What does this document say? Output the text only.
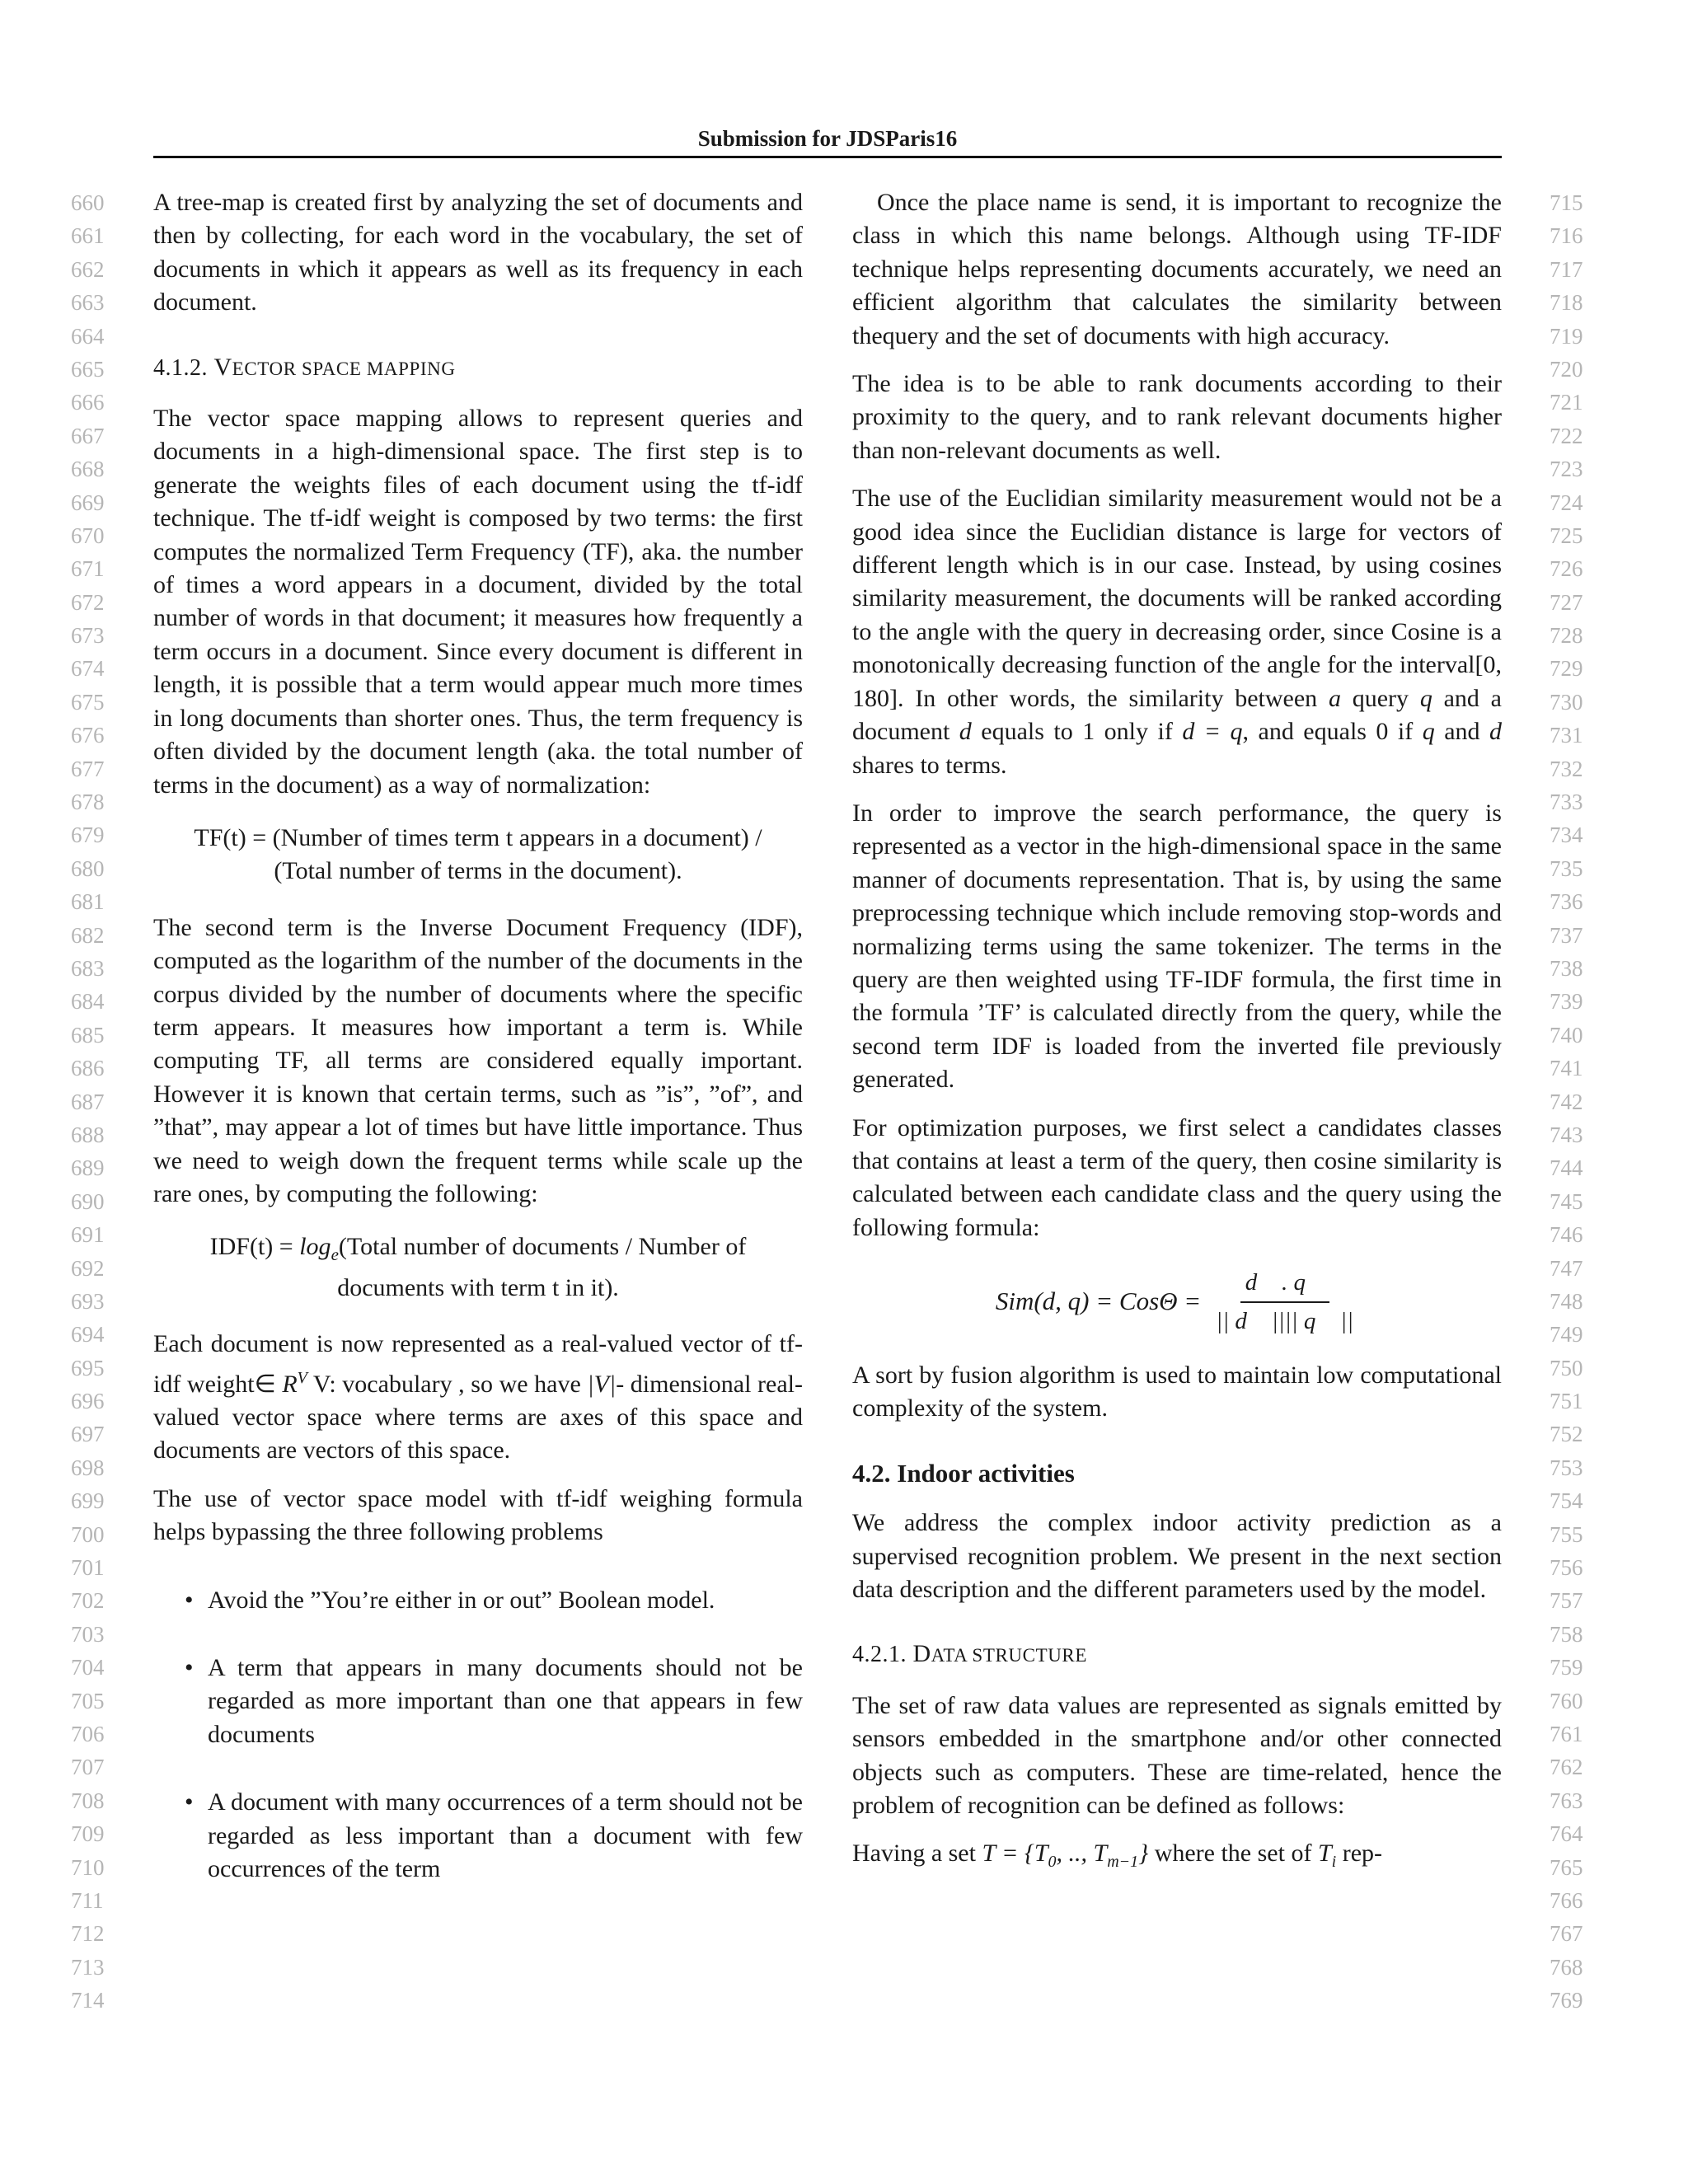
Submission for JDSParis16
660
661
662
663
664
665
666
667
668
669
670
671
672
673
674
675
676
677
678
679
680
681
682
683
684
685
686
687
688
689
690
691
692
693
694
695
696
697
698
699
700
701
702
703
704
705
706
707
708
709
710
711
712
713
714
715
716
717
718
719
720
721
722
723
724
725
726
727
728
729
730
731
732
733
734
735
736
737
738
739
740
741
742
743
744
745
746
747
748
749
750
751
752
753
754
755
756
757
758
759
760
761
762
763
764
765
766
767
768
769

A tree-map is created first by analyzing the set of documents and then by collecting, for each word in the vocabulary, the set of documents in which it appears as well as its frequency in each document.

4.1.2. VECTOR SPACE MAPPING

The vector space mapping allows to represent queries and documents in a high-dimensional space. The first step is to generate the weights files of each document using the tf-idf technique. The tf-idf weight is composed by two terms: the first computes the normalized Term Frequency (TF), aka. the number of times a word appears in a document, divided by the total number of words in that document; it measures how frequently a term occurs in a document. Since every document is different in length, it is possible that a term would appear much more times in long documents than shorter ones. Thus, the term frequency is often divided by the document length (aka. the total number of terms in the document) as a way of normalization:

TF(t) = (Number of times term t appears in a document) /
(Total number of terms in the document).

The second term is the Inverse Document Frequency (IDF), computed as the logarithm of the number of the documents in the corpus divided by the number of documents where the specific term appears. It measures how important a term is. While computing TF, all terms are considered equally important. However it is known that certain terms, such as ”is”, ”of”, and ”that”, may appear a lot of times but have little importance. Thus we need to weigh down the frequent terms while scale up the rare ones, by computing the following:

$IDF(t) = \log_e(Total$ number of documents / Number of
documents with term t in it).

Each document is now represented as a real-valued vector of tf-idf weight∈ $R^V$ V: vocabulary , so we have |V|- dimensional real-valued vector space where terms are axes of this space and documents are vectors of this space.

The use of vector space model with tf-idf weighing formula helps bypassing the three following problems

• Avoid the ”You’re either in or out” Boolean model.
• A term that appears in many documents should not be regarded as more important than one that appears in few documents
• A document with many occurrences of a term should not be regarded as less important than a document with few occurrences of the term

Once the place name is send, it is important to recognize the class in which this name belongs. Although using TF-IDF technique helps representing documents accurately, we need an efficient algorithm that calculates the similarity between thequery and the set of documents with high accuracy.

The idea is to be able to rank documents according to their proximity to the query, and to rank relevant documents higher than non-relevant documents as well.

The use of the Euclidian similarity measurement would not be a good idea since the Euclidian distance is large for vectors of different length which is in our case. Instead, by using cosines similarity measurement, the documents will be ranked according to the angle with the query in decreasing order, since Cosine is a monotonically decreasing function of the angle for the interval[0, 180]. In other words, the similarity between a query q and a document d equals to 1 only if d = q, and equals 0 if q and d shares to terms.

In order to improve the search performance, the query is represented as a vector in the high-dimensional space in the same manner of documents representation. That is, by using the same preprocessing technique which include removing stop-words and normalizing terms using the same tokenizer. The terms in the query are then weighted using TF-IDF formula, the first time in the formula ’TF’ is calculated directly from the query, while the second term IDF is loaded from the inverted file previously generated.

For optimization purposes, we first select a candidates classes that contains at least a term of the query, then cosine similarity is calculated between each candidate class and the query using the following formula:

Sim(d, $q) = Cos\Theta = \frac{d⃗ . q⃗}{|| d⃗ |||| q⃗ ||}$

A sort by fusion algorithm is used to maintain low computational complexity of the system.

4.2. Indoor activities

We address the complex indoor activity prediction as a supervised recognition problem. We present in the next section data description and the different parameters used by the model.

4.2.1. DATA STRUCTURE

The set of raw data values are represented as signals emitted by sensors embedded in the smartphone and/or other connected objects such as computers. These are time-related, hence the problem of recognition can be defined as follows:

Having a set $T = \{T_0$, .., $T_{m-1}$} where the set of $T_i$ rep-
